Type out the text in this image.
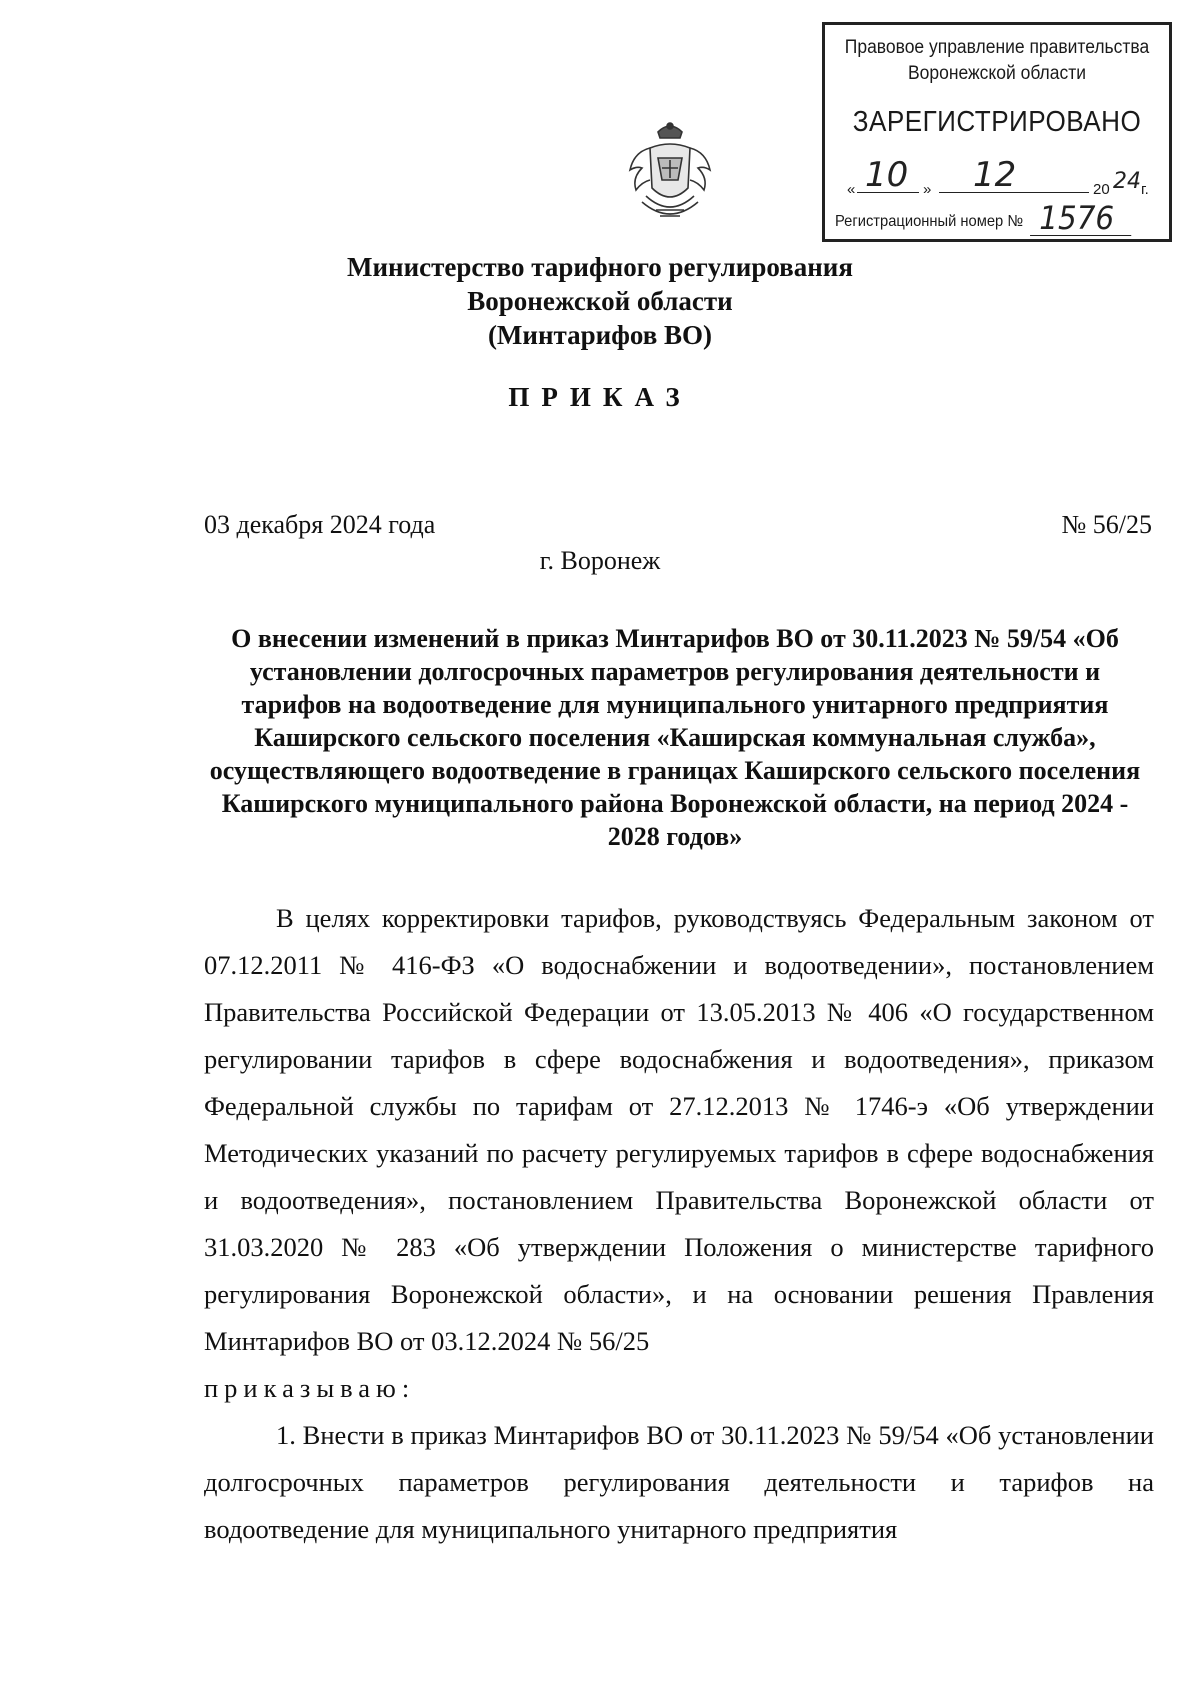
Правовое управление правительства
Воронежской области
ЗАРЕГИСТРИРОВАНО
« 10 » 12	20 24 г.
Регистрационный номер № 1576
Министерство тарифного регулирования
Воронежской области
(Минтарифов ВО)
ПРИКАЗ
03 декабря 2024 года	№ 56/25
г. Воронеж
О внесении изменений в приказ Минтарифов ВО от 30.11.2023 № 59/54 «Об установлении долгосрочных параметров регулирования деятельности и тарифов на водоотведение для муниципального унитарного предприятия Каширского сельского поселения «Каширская коммунальная служба», осуществляющего водоотведение в границах Каширского сельского поселения Каширского муниципального района Воронежской области, на период 2024 - 2028 годов»

В целях корректировки тарифов, руководствуясь Федеральным законом от 07.12.2011 № 416-ФЗ «О водоснабжении и водоотведении», постановлением Правительства Российской Федерации от 13.05.2013 № 406 «О государственном регулировании тарифов в сфере водоснабжения и водоотведения», приказом Федеральной службы по тарифам от 27.12.2013 № 1746-э «Об утверждении Методических указаний по расчету регулируемых тарифов в сфере водоснабжения и водоотведения», постановлением Правительства Воронежской области от 31.03.2020 № 283 «Об утверждении Положения о министерстве тарифного регулирования Воронежской области», и на основании решения Правления Минтарифов ВО от 03.12.2024 № 56/25

приказываю:

1. Внести в приказ Минтарифов ВО от 30.11.2023 № 59/54 «Об установлении долгосрочных параметров регулирования деятельности и тарифов на водоотведение для муниципального унитарного предприятия
